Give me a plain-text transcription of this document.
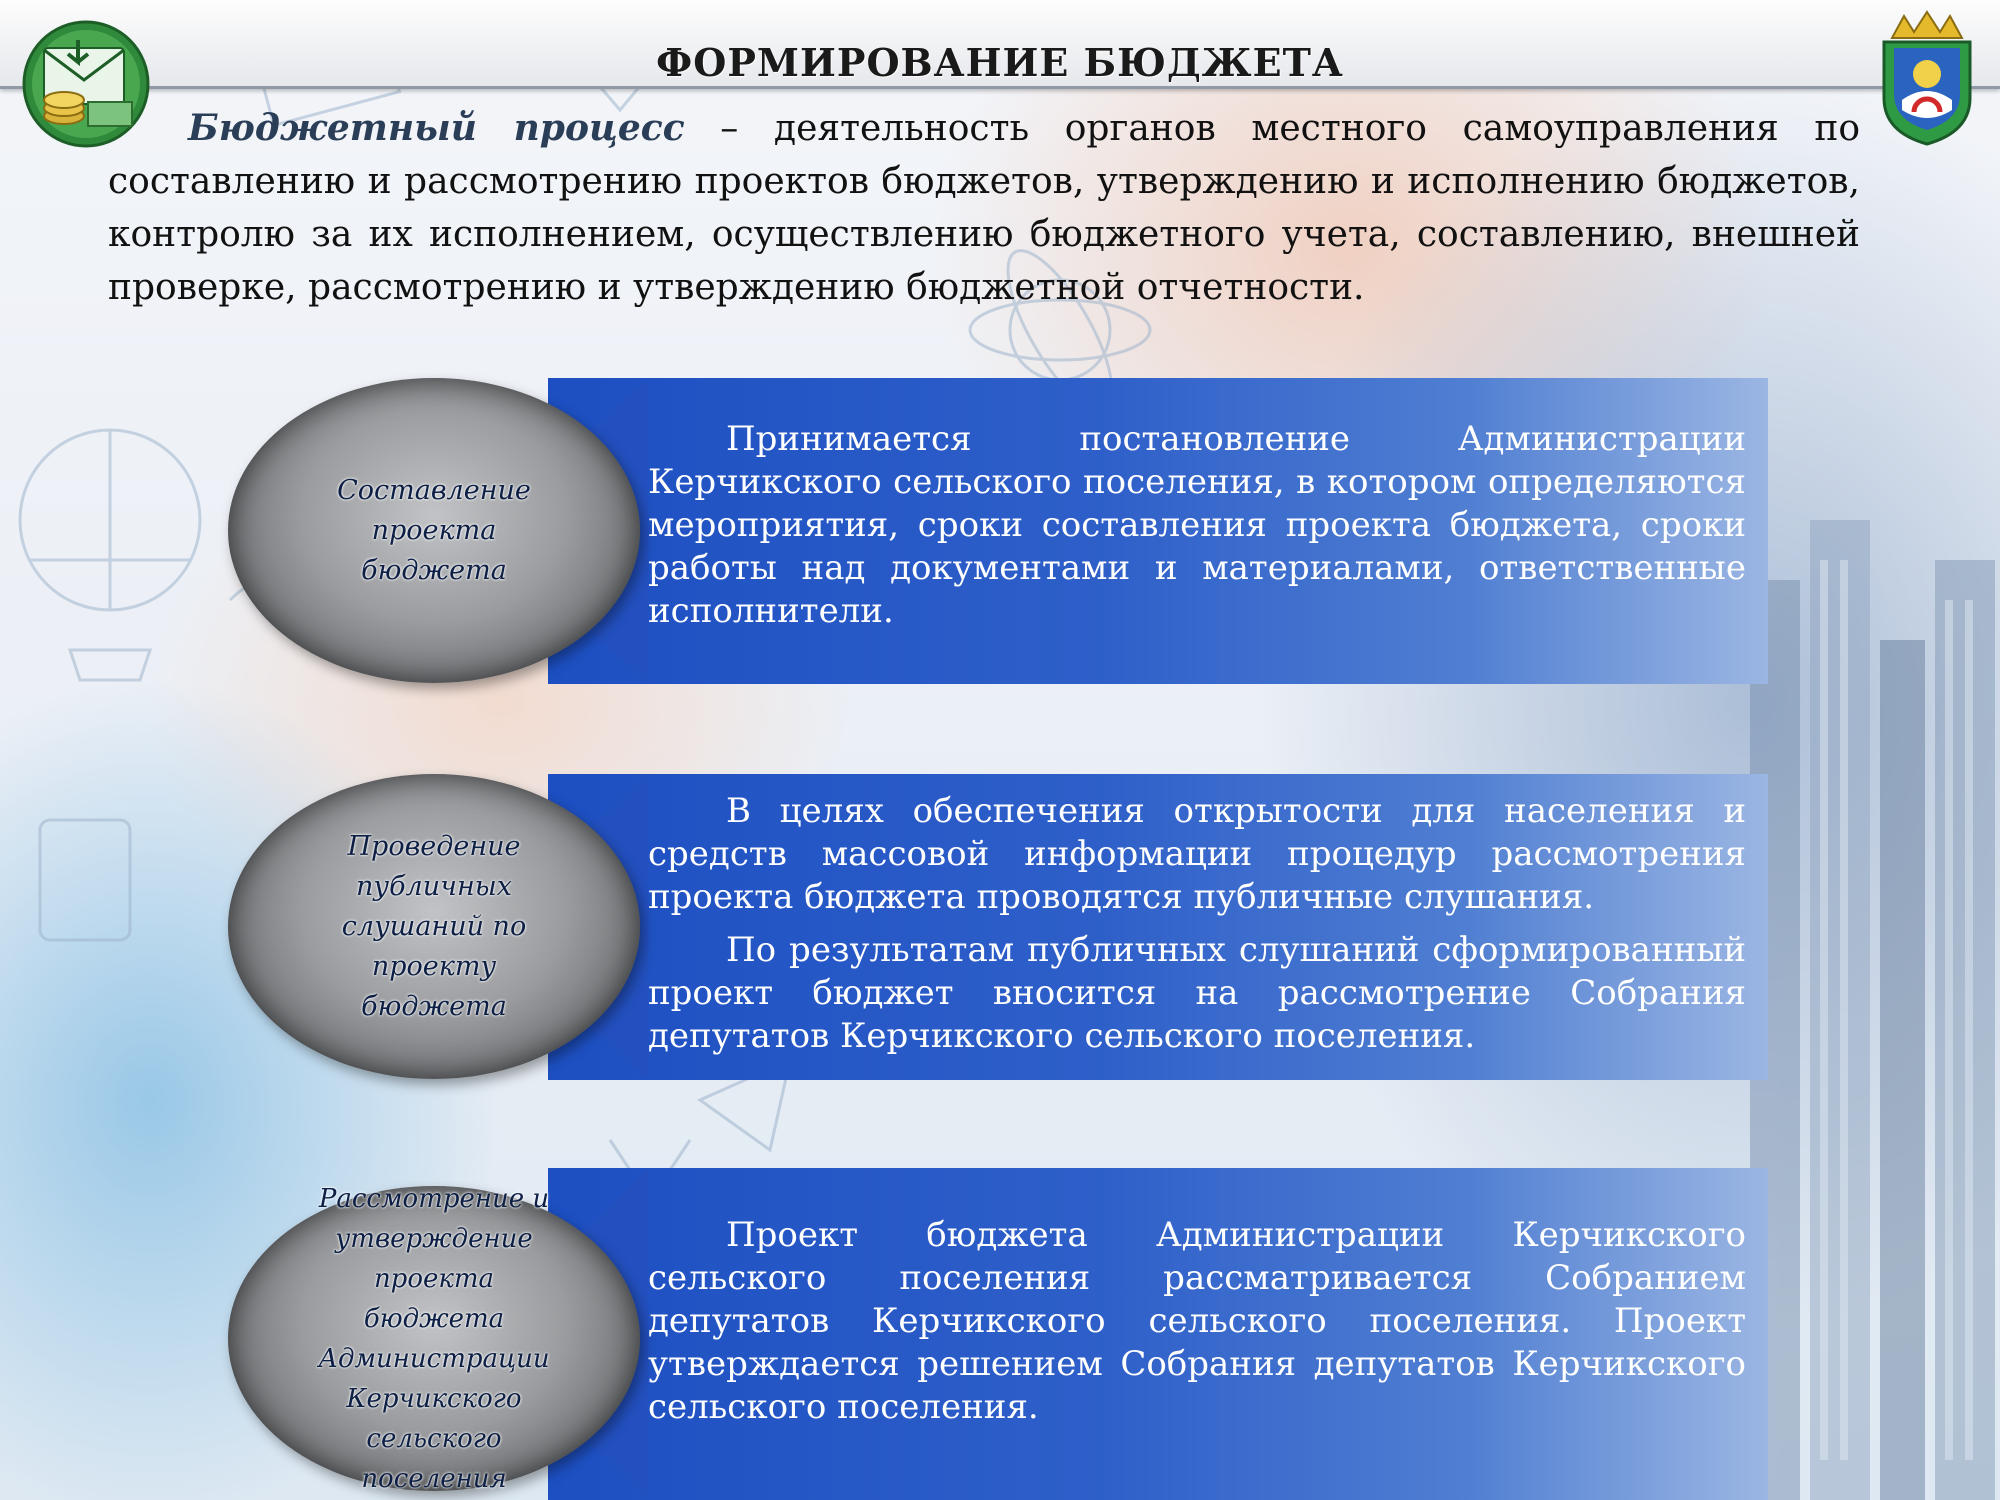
ФОРМИРОВАНИЕ БЮДЖЕТА
Бюджетный процесс – деятельность органов местного самоуправления по составлению и рассмотрению проектов бюджетов, утверждению и исполнению бюджетов, контролю за их исполнением, осуществлению бюджетного учета, составлению, внешней проверке, рассмотрению и утверждению бюджетной отчетности.

Принимается постановление Администрации Керчикского сельского поселения, в котором определяются мероприятия, сроки составления проекта бюджета, сроки работы над документами и материалами, ответственные исполнители.

Составление проекта бюджета

В целях обеспечения открытости для населения и средств массовой информации процедур рассмотрения проекта бюджета проводятся публичные слушания.

По результатам публичных слушаний сформированный проект бюджет вносится на рассмотрение Собрания депутатов Керчикского сельского поселения.

Проведение публичных слушаний по проекту бюджета

Проект бюджета Администрации Керчикского сельского поселения рассматривается Собранием депутатов Керчикского сельского поселения. Проект утверждается решением Собрания депутатов Керчикского сельского поселения.

Рассмотрение и утверждение проекта бюджета Администрации Керчикского сельского поселения
